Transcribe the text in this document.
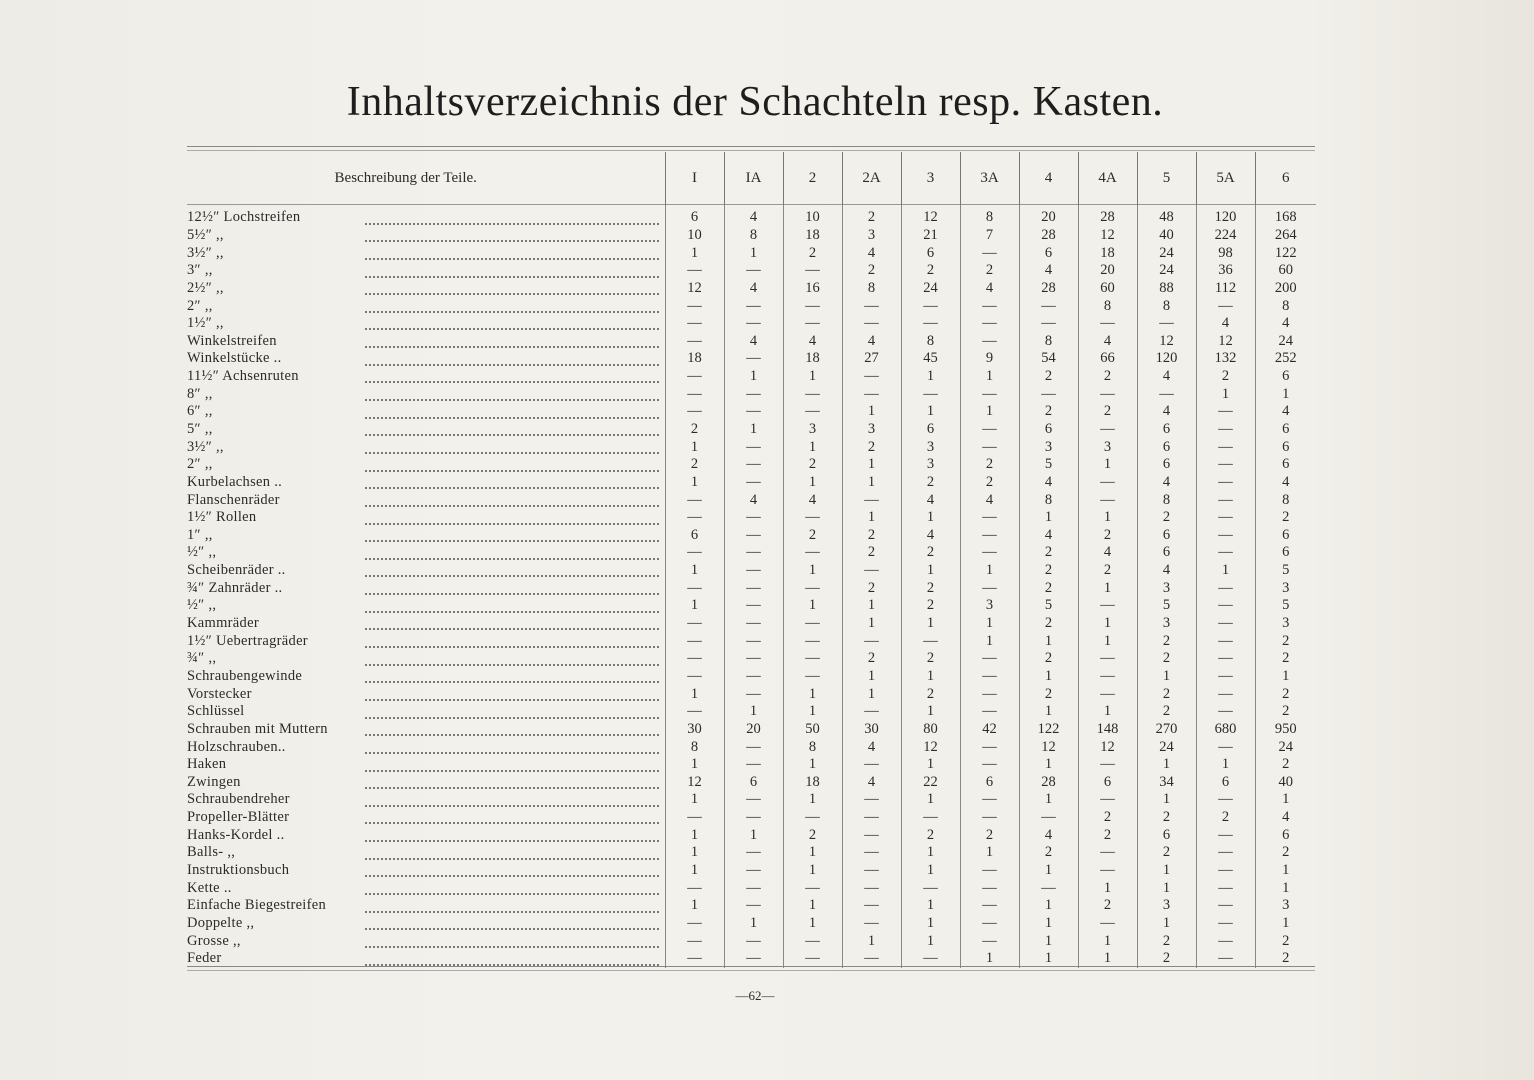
Inhaltsverzeichnis der Schachteln resp. Kasten.
Beschreibung der Teile.	I	IA	2	2A	3	3A	4	4A	5	5A	6
12½″ Lochstreifen	6	4	10	2	12	8	20	28	48	120	168
5½″ ,,	10	8	18	3	21	7	28	12	40	224	264
3½″ ,,	1	1	2	4	6	—	6	18	24	98	122
3″ ,,	—	—	—	2	2	2	4	20	24	36	60
2½″ ,,	12	4	16	8	24	4	28	60	88	112	200
2″ ,,	—	—	—	—	—	—	—	8	8	—	8
1½″ ,,	—	—	—	—	—	—	—	—	—	4	4
Winkelstreifen	—	4	4	4	8	—	8	4	12	12	24
Winkelstücke ..	18	—	18	27	45	9	54	66	120	132	252
11½″ Achsenruten	—	1	1	—	1	1	2	2	4	2	6
8″ ,,	—	—	—	—	—	—	—	—	—	1	1
6″ ,,	—	—	—	1	1	1	2	2	4	—	4
5″ ,,	2	1	3	3	6	—	6	—	6	—	6
3½″ ,,	1	—	1	2	3	—	3	3	6	—	6
2″ ,,	2	—	2	1	3	2	5	1	6	—	6
Kurbelachsen ..	1	—	1	1	2	2	4	—	4	—	4
Flanschenräder	—	4	4	—	4	4	8	—	8	—	8
1½″ Rollen	—	—	—	1	1	—	1	1	2	—	2
1″ ,,	6	—	2	2	4	—	4	2	6	—	6
½″ ,,	—	—	—	2	2	—	2	4	6	—	6
Scheibenräder ..	1	—	1	—	1	1	2	2	4	1	5
¾″ Zahnräder ..	—	—	—	2	2	—	2	1	3	—	3
½″ ,,	1	—	1	1	2	3	5	—	5	—	5
Kammräder	—	—	—	1	1	1	2	1	3	—	3
1½″ Uebertragräder	—	—	—	—	—	1	1	1	2	—	2
¾″ ,,	—	—	—	2	2	—	2	—	2	—	2
Schraubengewinde	—	—	—	1	1	—	1	—	1	—	1
Vorstecker	1	—	1	1	2	—	2	—	2	—	2
Schlüssel	—	1	1	—	1	—	1	1	2	—	2
Schrauben mit Muttern	30	20	50	30	80	42	122	148	270	680	950
Holzschrauben..	8	—	8	4	12	—	12	12	24	—	24
Haken	1	—	1	—	1	—	1	—	1	1	2
Zwingen	12	6	18	4	22	6	28	6	34	6	40
Schraubendreher	1	—	1	—	1	—	1	—	1	—	1
Propeller-Blätter	—	—	—	—	—	—	—	2	2	2	4
Hanks-Kordel ..	1	1	2	—	2	2	4	2	6	—	6
Balls- ,,	1	—	1	—	1	1	2	—	2	—	2
Instruktionsbuch	1	—	1	—	1	—	1	—	1	—	1
Kette ..	—	—	—	—	—	—	—	1	1	—	1
Einfache Biegestreifen	1	—	1	—	1	—	1	2	3	—	3
Doppelte ,,	—	1	1	—	1	—	1	—	1	—	1
Grosse ,,	—	—	—	1	1	—	1	1	2	—	2
Feder	—	—	—	—	—	1	1	1	2	—	2
—62—
